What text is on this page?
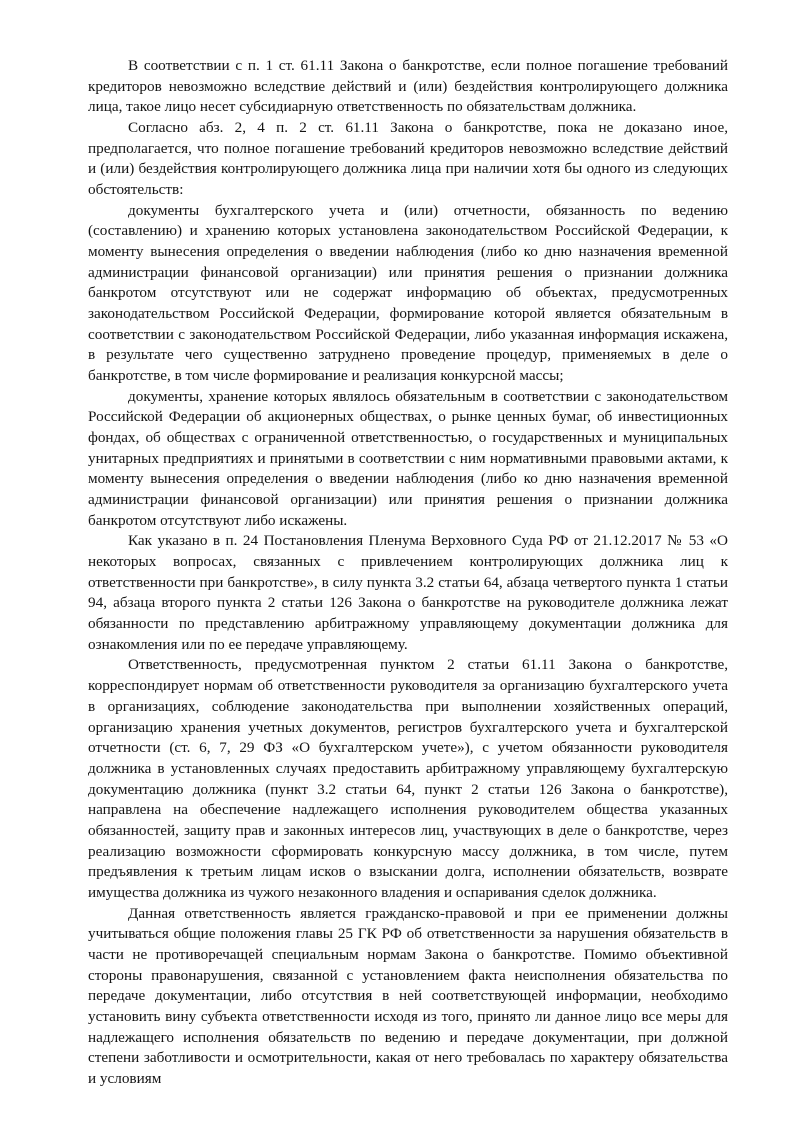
В соответствии с п. 1 ст. 61.11 Закона о банкротстве, если полное погашение требований кредиторов невозможно вследствие действий и (или) бездействия контролирующего должника лица, такое лицо несет субсидиарную ответственность по обязательствам должника.

Согласно абз. 2, 4 п. 2 ст. 61.11 Закона о банкротстве, пока не доказано иное, предполагается, что полное погашение требований кредиторов невозможно вследствие действий и (или) бездействия контролирующего должника лица при наличии хотя бы одного из следующих обстоятельств:

документы бухгалтерского учета и (или) отчетности, обязанность по ведению (составлению) и хранению которых установлена законодательством Российской Федерации, к моменту вынесения определения о введении наблюдения (либо ко дню назначения временной администрации финансовой организации) или принятия решения о признании должника банкротом отсутствуют или не содержат информацию об объектах, предусмотренных законодательством Российской Федерации, формирование которой является обязательным в соответствии с законодательством Российской Федерации, либо указанная информация искажена, в результате чего существенно затруднено проведение процедур, применяемых в деле о банкротстве, в том числе формирование и реализация конкурсной массы;

документы, хранение которых являлось обязательным в соответствии с законодательством Российской Федерации об акционерных обществах, о рынке ценных бумаг, об инвестиционных фондах, об обществах с ограниченной ответственностью, о государственных и муниципальных унитарных предприятиях и принятыми в соответствии с ним нормативными правовыми актами, к моменту вынесения определения о введении наблюдения (либо ко дню назначения временной администрации финансовой организации) или принятия решения о признании должника банкротом отсутствуют либо искажены.

Как указано в п. 24 Постановления Пленума Верховного Суда РФ от 21.12.2017 № 53 «О некоторых вопросах, связанных с привлечением контролирующих должника лиц к ответственности при банкротстве», в силу пункта 3.2 статьи 64, абзаца четвертого пункта 1 статьи 94, абзаца второго пункта 2 статьи 126 Закона о банкротстве на руководителе должника лежат обязанности по представлению арбитражному управляющему документации должника для ознакомления или по ее передаче управляющему.

Ответственность, предусмотренная пунктом 2 статьи 61.11 Закона о банкротстве, корреспондирует нормам об ответственности руководителя за организацию бухгалтерского учета в организациях, соблюдение законодательства при выполнении хозяйственных операций, организацию хранения учетных документов, регистров бухгалтерского учета и бухгалтерской отчетности (ст. 6, 7, 29 ФЗ «О бухгалтерском учете»), с учетом обязанности руководителя должника в установленных случаях предоставить арбитражному управляющему бухгалтерскую документацию должника (пункт 3.2 статьи 64, пункт 2 статьи 126 Закона о банкротстве), направлена на обеспечение надлежащего исполнения руководителем общества указанных обязанностей, защиту прав и законных интересов лиц, участвующих в деле о банкротстве, через реализацию возможности сформировать конкурсную массу должника, в том числе, путем предъявления к третьим лицам исков о взыскании долга, исполнении обязательств, возврате имущества должника из чужого незаконного владения и оспаривания сделок должника.

Данная ответственность является гражданско-правовой и при ее применении должны учитываться общие положения главы 25 ГК РФ об ответственности за нарушения обязательств в части не противоречащей специальным нормам Закона о банкротстве. Помимо объективной стороны правонарушения, связанной с установлением факта неисполнения обязательства по передаче документации, либо отсутствия в ней соответствующей информации, необходимо установить вину субъекта ответственности исходя из того, принято ли данное лицо все меры для надлежащего исполнения обязательств по ведению и передаче документации, при должной степени заботливости и осмотрительности, какая от него требовалась по характеру обязательства и условиям
